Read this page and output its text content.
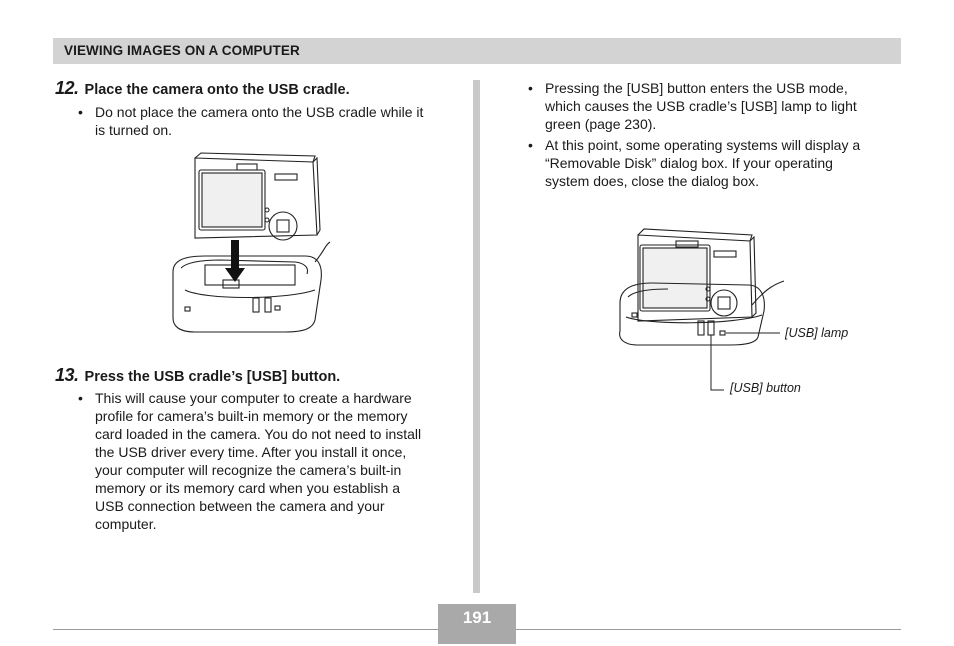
VIEWING IMAGES ON A COMPUTER
12. Place the camera onto the USB cradle.
• Do not place the camera onto the USB cradle while it
is turned on.
13. Press the USB cradle’s [USB] button.
• This will cause your computer to create a hardware
profile for camera’s built-in memory or the memory
card loaded in the camera. You do not need to install
the USB driver every time. After you install it once,
your computer will recognize the camera’s built-in
memory or its memory card when you establish a
USB connection between the camera and your
computer.
• Pressing the [USB] button enters the USB mode,
which causes the USB cradle’s [USB] lamp to light
green (page 230).
• At this point, some operating systems will display a
“Removable Disk” dialog box. If your operating
system does, close the dialog box.
[USB] lamp
[USB] button
191
